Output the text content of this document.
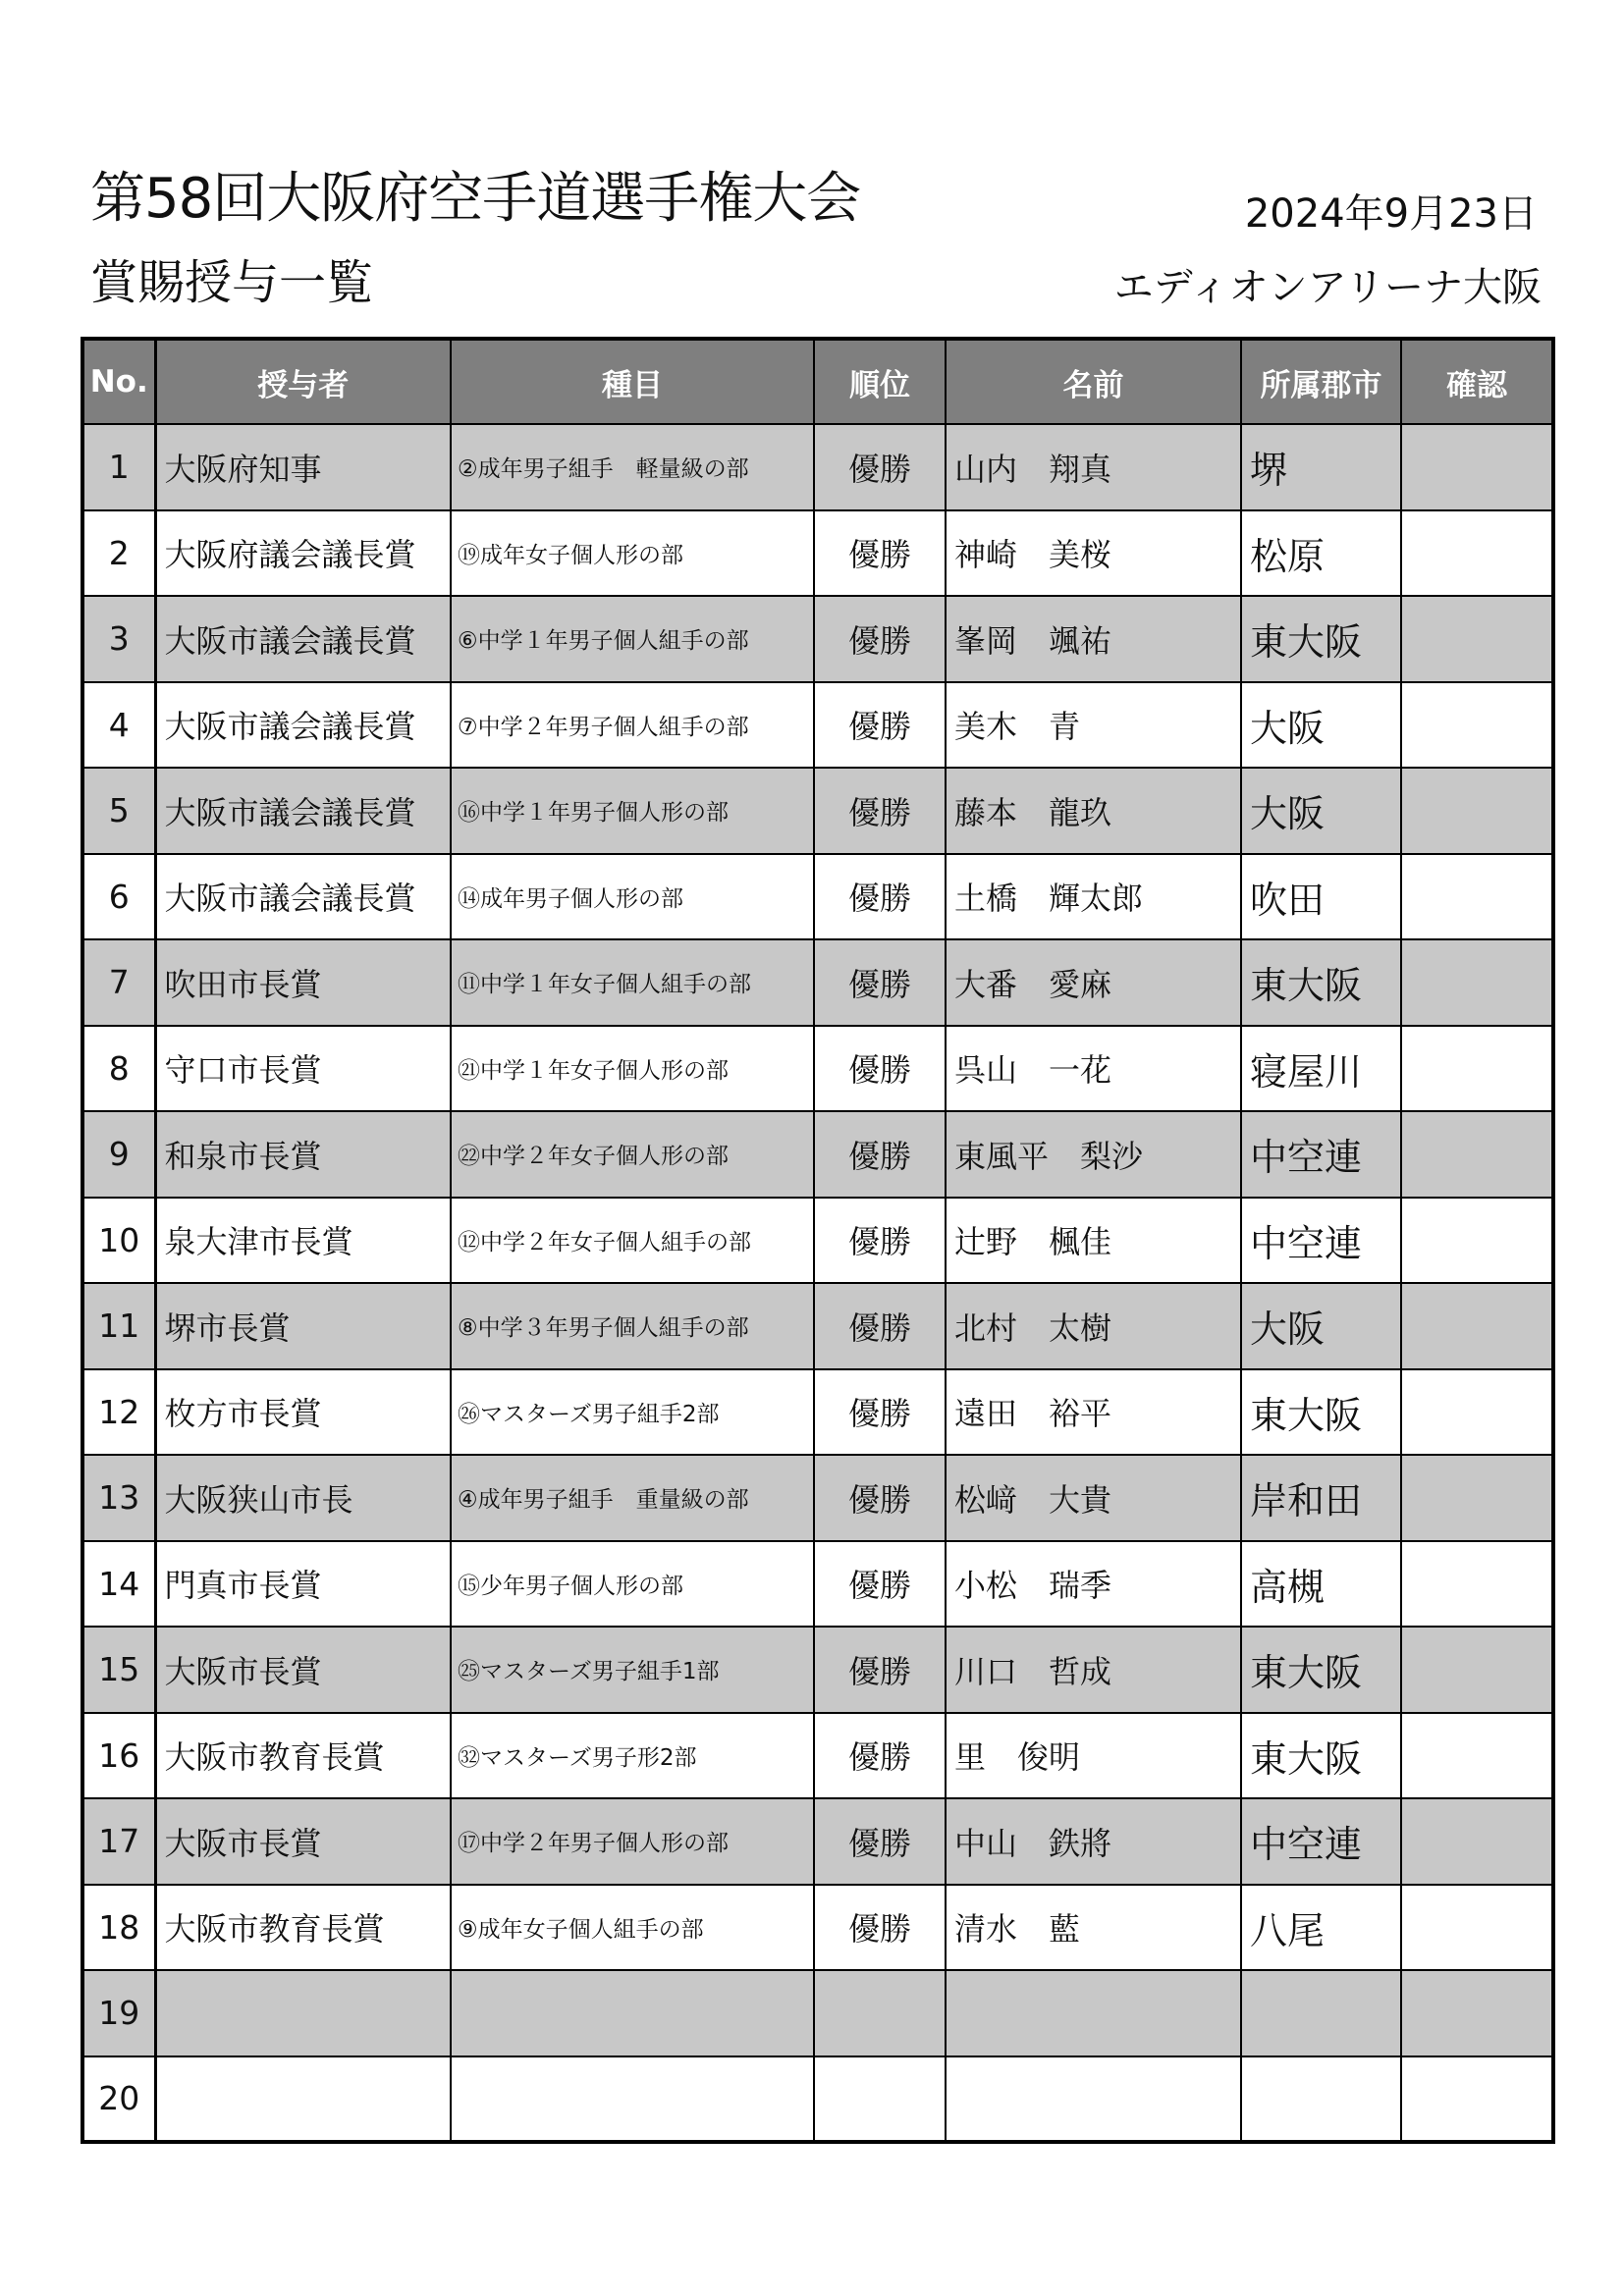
第58回大阪府空手道選手権大会
賞賜授与一覧
2024年9月23日
エディオンアリーナ大阪
No.	授与者	種目	順位	名前	所属郡市	確認
1	大阪府知事	②成年男子組手　軽量級の部	優勝	山内　翔真	堺	
2	大阪府議会議長賞	⑲成年女子個人形の部	優勝	神崎　美桜	松原	
3	大阪市議会議長賞	⑥中学１年男子個人組手の部	優勝	峯岡　颯祐	東大阪	
4	大阪市議会議長賞	⑦中学２年男子個人組手の部	優勝	美木　青	大阪	
5	大阪市議会議長賞	⑯中学１年男子個人形の部	優勝	藤本　龍玖	大阪	
6	大阪市議会議長賞	⑭成年男子個人形の部	優勝	土橋　輝太郎	吹田	
7	吹田市長賞	⑪中学１年女子個人組手の部	優勝	大番　愛麻	東大阪	
8	守口市長賞	㉑中学１年女子個人形の部	優勝	呉山　一花	寝屋川	
9	和泉市長賞	㉒中学２年女子個人形の部	優勝	東風平　梨沙	中空連	
10	泉大津市長賞	⑫中学２年女子個人組手の部	優勝	辻野　楓佳	中空連	
11	堺市長賞	⑧中学３年男子個人組手の部	優勝	北村　太樹	大阪	
12	枚方市長賞	㉖マスターズ男子組手2部	優勝	遠田　裕平	東大阪	
13	大阪狭山市長	④成年男子組手　重量級の部	優勝	松﨑　大貴	岸和田	
14	門真市長賞	⑮少年男子個人形の部	優勝	小松　瑞季	高槻	
15	大阪市長賞	㉕マスターズ男子組手1部	優勝	川口　哲成	東大阪	
16	大阪市教育長賞	㉜マスターズ男子形2部	優勝	里　俊明	東大阪	
17	大阪市長賞	⑰中学２年男子個人形の部	優勝	中山　鉄將	中空連	
18	大阪市教育長賞	⑨成年女子個人組手の部	優勝	清水　藍	八尾	
19						
20						
